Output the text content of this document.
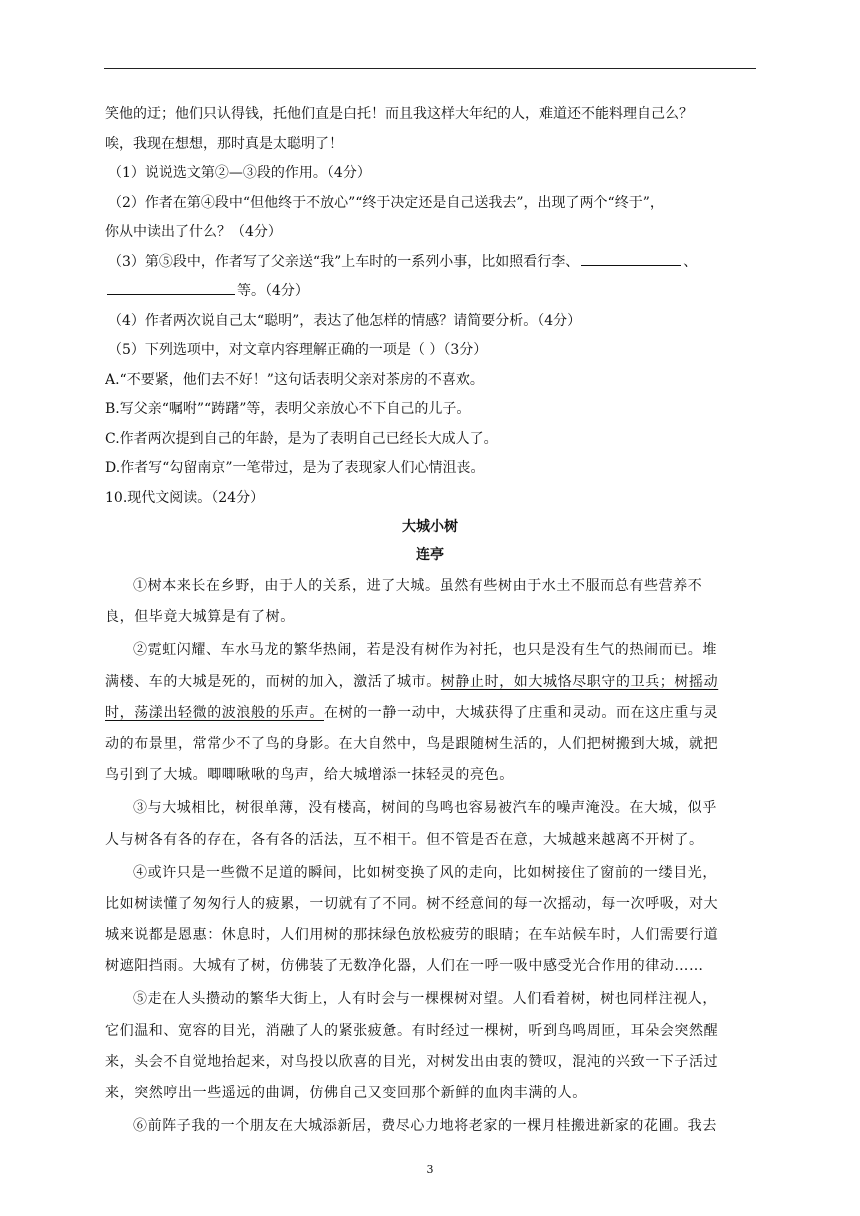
笑他的迂；他们只认得钱，托他们直是白托！而且我这样大年纪的人，难道还不能料理自己么？
唉，我现在想想，那时真是太聪明了！
（1）说说选文第②—③段的作用。（4分）
（2）作者在第④段中“但他终于不放心”“终于决定还是自己送我去”，出现了两个“终于”，
你从中读出了什么？（4分）
（3）第⑤段中，作者写了父亲送“我”上车时的一系列小事，比如照看行李、	、
等。（4分）
（4）作者两次说自己太“聪明”，表达了他怎样的情感？请简要分析。（4分）
（5）下列选项中，对文章内容理解正确的一项是（ ）（3分）
A.“不要紧，他们去不好！”这句话表明父亲对茶房的不喜欢。
B.写父亲“嘱咐”“踌躇”等，表明父亲放心不下自己的儿子。
C.作者两次提到自己的年龄，是为了表明自己已经长大成人了。
D.作者写“勾留南京”一笔带过，是为了表现家人们心情沮丧。
10.现代文阅读。（24分）
大城小树
连亭
①树本来长在乡野，由于人的关系，进了大城。虽然有些树由于水土不服而总有些营养不
良，但毕竟大城算是有了树。
②霓虹闪耀、车水马龙的繁华热闹，若是没有树作为衬托，也只是没有生气的热闹而已。堆
满楼、车的大城是死的，而树的加入，激活了城市。树静止时，如大城恪尽职守的卫兵；树摇动
时，荡漾出轻微的波浪般的乐声。在树的一静一动中，大城获得了庄重和灵动。而在这庄重与灵
动的布景里，常常少不了鸟的身影。在大自然中，鸟是跟随树生活的，人们把树搬到大城，就把
鸟引到了大城。唧唧啾啾的鸟声，给大城增添一抹轻灵的亮色。
③与大城相比，树很单薄，没有楼高，树间的鸟鸣也容易被汽车的噪声淹没。在大城，似乎
人与树各有各的存在，各有各的活法，互不相干。但不管是否在意，大城越来越离不开树了。
④或许只是一些微不足道的瞬间，比如树变换了风的走向，比如树接住了窗前的一缕目光，
比如树读懂了匆匆行人的疲累，一切就有了不同。树不经意间的每一次摇动，每一次呼吸，对大
城来说都是恩惠：休息时，人们用树的那抹绿色放松疲劳的眼睛；在车站候车时，人们需要行道
树遮阳挡雨。大城有了树，仿佛装了无数净化器，人们在一呼一吸中感受光合作用的律动……
⑤走在人头攒动的繁华大街上，人有时会与一棵棵树对望。人们看着树，树也同样注视人，
它们温和、宽容的目光，消融了人的紧张疲惫。有时经过一棵树，听到鸟鸣周匝，耳朵会突然醒
来，头会不自觉地抬起来，对鸟投以欣喜的目光，对树发出由衷的赞叹，混沌的兴致一下子活过
来，突然哼出一些遥远的曲调，仿佛自己又变回那个新鲜的血肉丰满的人。
⑥前阵子我的一个朋友在大城添新居，费尽心力地将老家的一棵月桂搬进新家的花圃。我去
3
